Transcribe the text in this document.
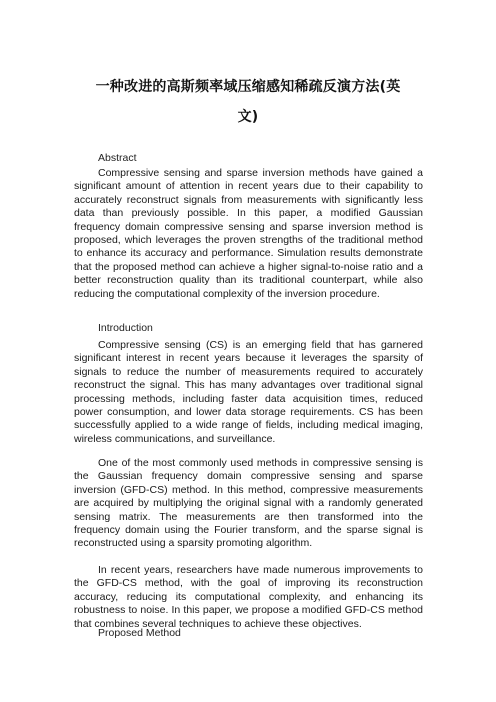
一种改进的高斯频率域压缩感知稀疏反演方法(英
文)
Abstract

Compressive sensing and sparse inversion methods have gained a significant amount of attention in recent years due to their capability to accurately reconstruct signals from measurements with significantly less data than previously possible. In this paper, a modified Gaussian frequency domain compressive sensing and sparse inversion method is proposed, which leverages the proven strengths of the traditional method to enhance its accuracy and performance. Simulation results demonstrate that the proposed method can achieve a higher signal-to-noise ratio and a better reconstruction quality than its traditional counterpart, while also reducing the computational complexity of the inversion procedure.

Introduction

Compressive sensing (CS) is an emerging field that has garnered significant interest in recent years because it leverages the sparsity of signals to reduce the number of measurements required to accurately reconstruct the signal. This has many advantages over traditional signal processing methods, including faster data acquisition times, reduced power consumption, and lower data storage requirements. CS has been successfully applied to a wide range of fields, including medical imaging, wireless communications, and surveillance.

One of the most commonly used methods in compressive sensing is the Gaussian frequency domain compressive sensing and sparse inversion (GFD-CS) method. In this method, compressive measurements are acquired by multiplying the original signal with a randomly generated sensing matrix. The measurements are then transformed into the frequency domain using the Fourier transform, and the sparse signal is reconstructed using a sparsity promoting algorithm.

In recent years, researchers have made numerous improvements to the GFD-CS method, with the goal of improving its reconstruction accuracy, reducing its computational complexity, and enhancing its robustness to noise. In this paper, we propose a modified GFD-CS method that combines several techniques to achieve these objectives.

Proposed Method
